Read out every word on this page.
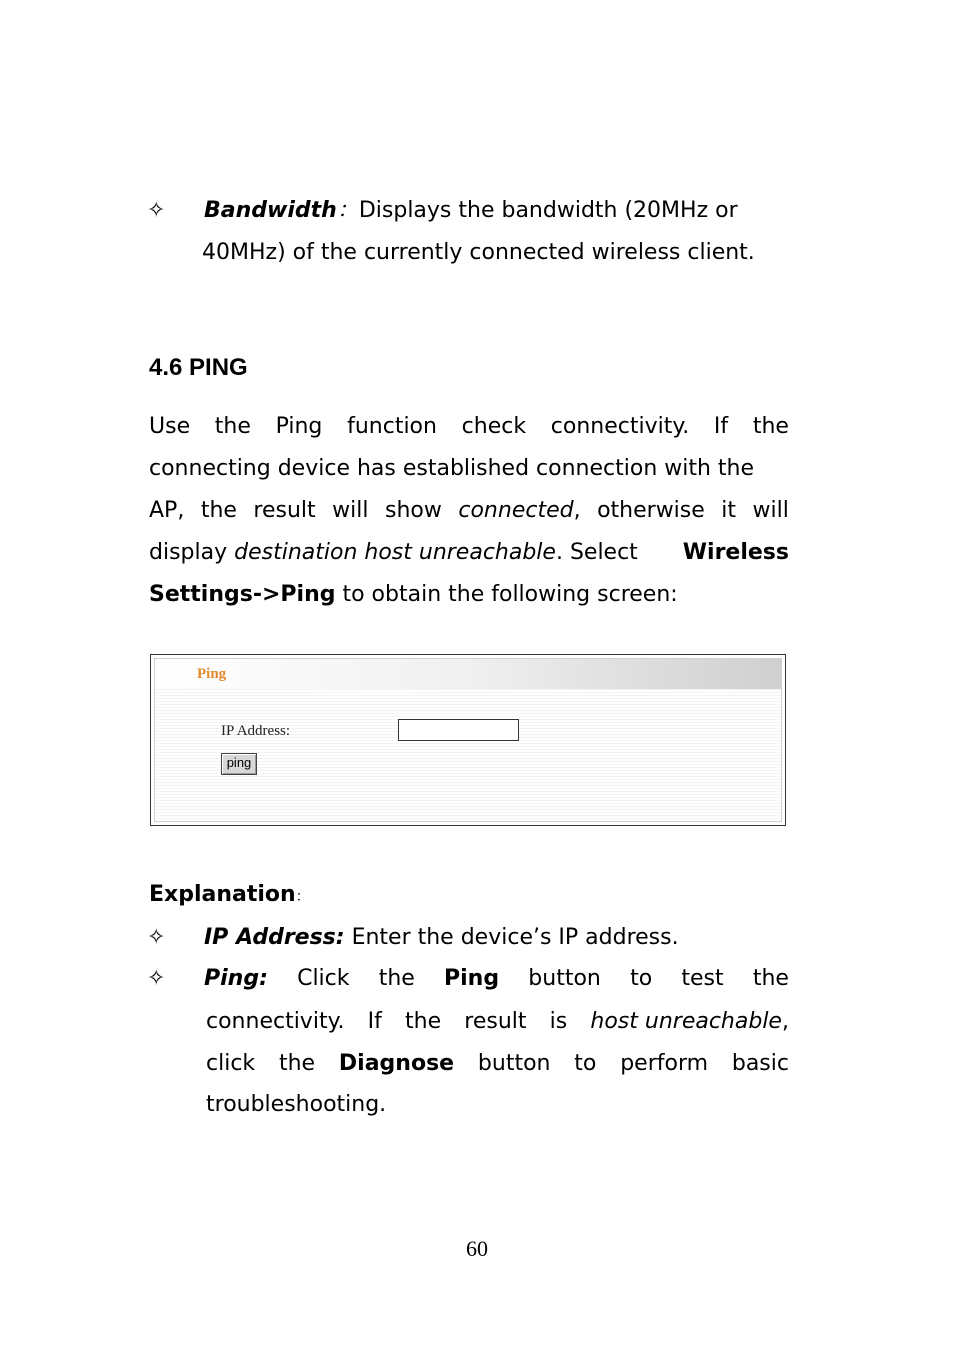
✧ Bandwidth：Displays the bandwidth (20MHz or
40MHz) of the currently connected wireless client.
4.6 PING
Use the Ping function check connectivity. If the
connecting device has established connection with the
AP, the result will show connected, otherwise it will
display destination host unreachable. Select Wireless
Settings->Ping to obtain the following screen:
Ping
IP Address:
ping
Explanation：
✧ IP Address: Enter the device’s IP address.
✧ Ping: Click the Ping button to test the
connectivity. If the result is host unreachable,
click the Diagnose button to perform basic
troubleshooting.
60
